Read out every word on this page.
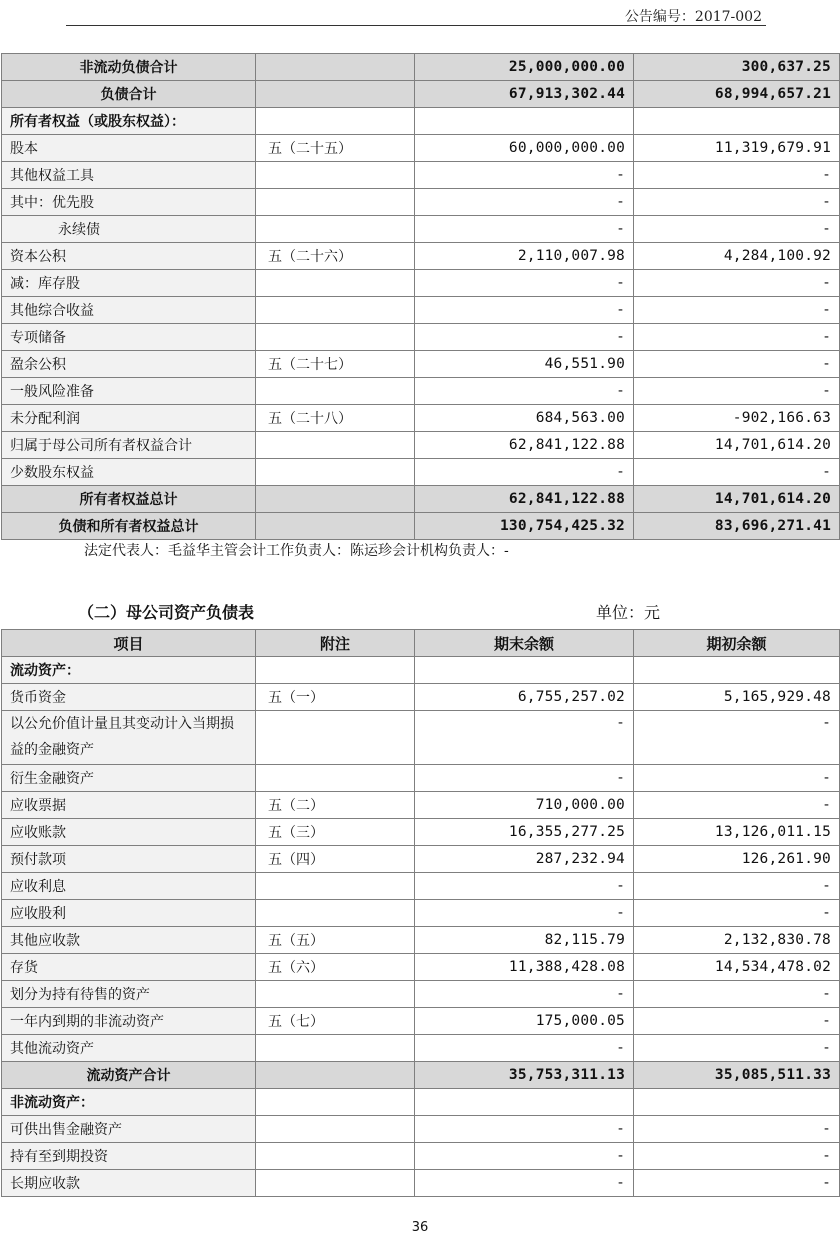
公告编号：2017-002
非流动负债合计		25,000,000.00	300,637.25
负债合计		67,913,302.44	68,994,657.21
所有者权益（或股东权益）：			
股本	五（二十五）	60,000,000.00	11,319,679.91
其他权益工具		-	-
其中：优先股		-	-
永续债		-	-
资本公积	五（二十六）	2,110,007.98	4,284,100.92
减：库存股		-	-
其他综合收益		-	-
专项储备		-	-
盈余公积	五（二十七）	46,551.90	-
一般风险准备		-	-
未分配利润	五（二十八）	684,563.00	-902,166.63
归属于母公司所有者权益合计		62,841,122.88	14,701,614.20
少数股东权益		-	-
所有者权益总计		62,841,122.88	14,701,614.20
负债和所有者权益总计		130,754,425.32	83,696,271.41
法定代表人：毛益华主管会计工作负责人：陈运珍会计机构负责人：-
（二）母公司资产负债表	单位：元
项目	附注	期末余额	期初余额
流动资产：			
货币资金	五（一）	6,755,257.02	5,165,929.48
以公允价值计量且其变动计入当期损益的金融资产		-	-
衍生金融资产		-	-
应收票据	五（二）	710,000.00	-
应收账款	五（三）	16,355,277.25	13,126,011.15
预付款项	五（四）	287,232.94	126,261.90
应收利息		-	-
应收股利		-	-
其他应收款	五（五）	82,115.79	2,132,830.78
存货	五（六）	11,388,428.08	14,534,478.02
划分为持有待售的资产		-	-
一年内到期的非流动资产	五（七）	175,000.05	-
其他流动资产		-	-
流动资产合计		35,753,311.13	35,085,511.33
非流动资产：			
可供出售金融资产		-	-
持有至到期投资		-	-
长期应收款		-	-
36
